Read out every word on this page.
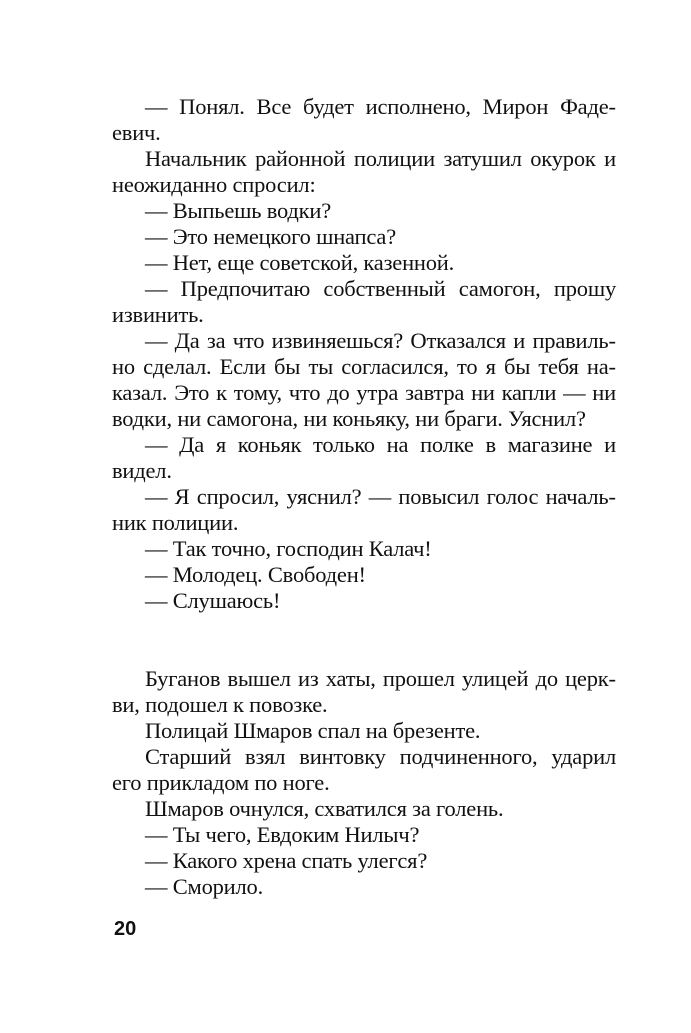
— Понял. Все будет исполнено, Мирон Фадеевич.

Начальник районной полиции затушил окурок и неожиданно спросил:

— Выпьешь водки?

— Это немецкого шнапса?

— Нет, еще советской, казенной.

— Предпочитаю собственный самогон, прошу извинить.

— Да за что извиняешься? Отказался и правильно сделал. Если бы ты согласился, то я бы тебя наказал. Это к тому, что до утра завтра ни капли — ни водки, ни самогона, ни коньяку, ни браги. Уяснил?

— Да я коньяк только на полке в магазине и видел.

— Я спросил, уяснил? — повысил голос начальник полиции.

— Так точно, господин Калач!

— Молодец. Свободен!

— Слушаюсь!

Буганов вышел из хаты, прошел улицей до церкви, подошел к повозке.

Полицай Шмаров спал на брезенте.

Старший взял винтовку подчиненного, ударил его прикладом по ноге.

Шмаров очнулся, схватился за голень.

— Ты чего, Евдоким Нилыч?

— Какого хрена спать улегся?

— Сморило.

20
